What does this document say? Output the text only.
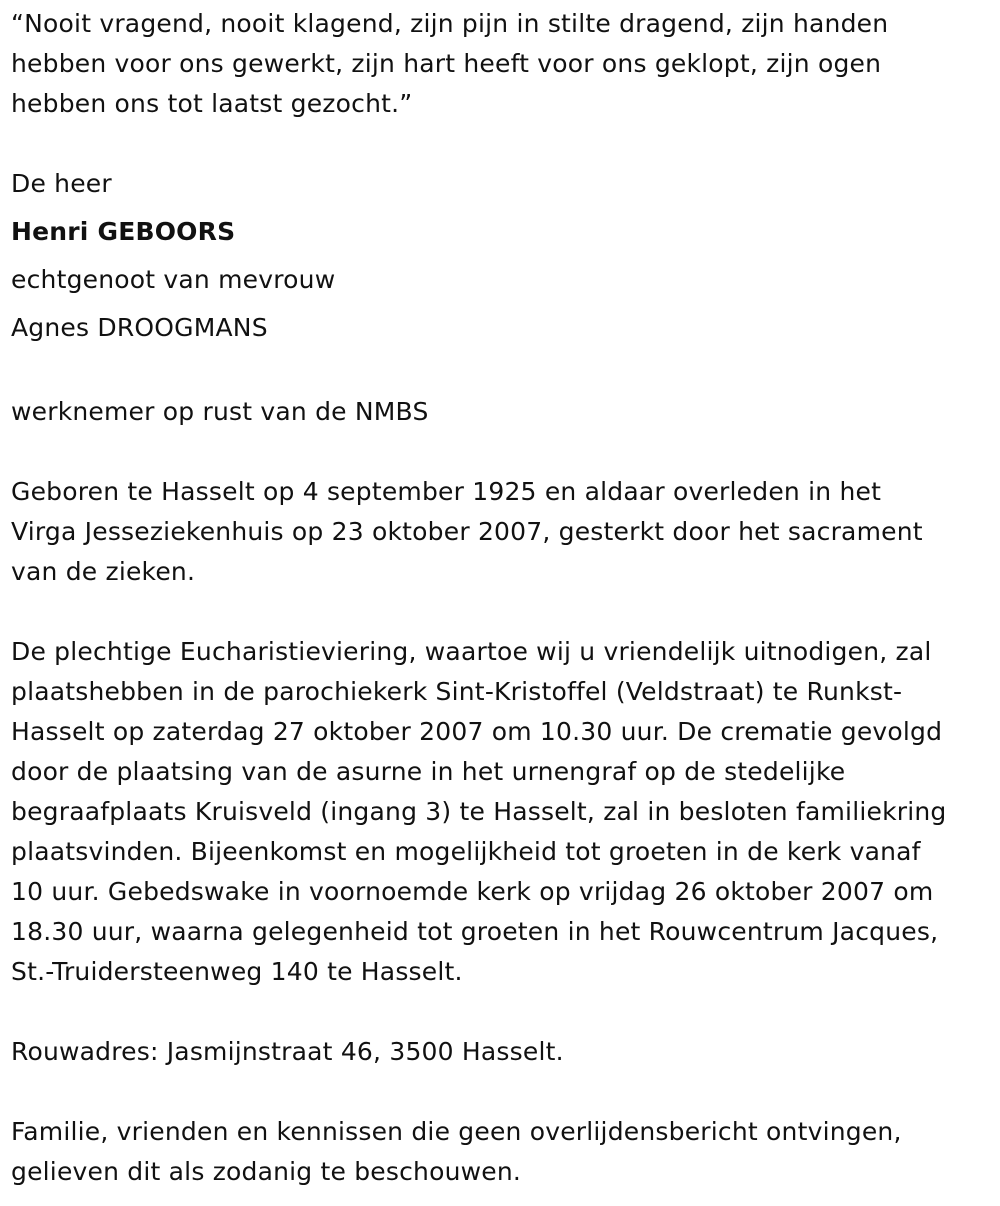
“Nooit vragend, nooit klagend, zijn pijn in stilte dragend, zijn handen
hebben voor ons gewerkt, zijn hart heeft voor ons geklopt, zijn ogen
hebben ons tot laatst gezocht.”
De heer
Henri GEBOORS
echtgenoot van mevrouw
Agnes DROOGMANS
werknemer op rust van de NMBS
Geboren te Hasselt op 4 september 1925 en aldaar overleden in het
Virga Jesseziekenhuis op 23 oktober 2007, gesterkt door het sacrament
van de zieken.
De plechtige Eucharistieviering, waartoe wij u vriendelijk uitnodigen, zal
plaatshebben in de parochiekerk Sint-Kristoffel (Veldstraat) te Runkst-
Hasselt op zaterdag 27 oktober 2007 om 10.30 uur. De crematie gevolgd
door de plaatsing van de asurne in het urnengraf op de stedelijke
begraafplaats Kruisveld (ingang 3) te Hasselt, zal in besloten familiekring
plaatsvinden. Bijeenkomst en mogelijkheid tot groeten in de kerk vanaf
10 uur. Gebedswake in voornoemde kerk op vrijdag 26 oktober 2007 om
18.30 uur, waarna gelegenheid tot groeten in het Rouwcentrum Jacques,
St.-Truidersteenweg 140 te Hasselt.
Rouwadres: Jasmijnstraat 46, 3500 Hasselt.
Familie, vrienden en kennissen die geen overlijdensbericht ontvingen,
gelieven dit als zodanig te beschouwen.
